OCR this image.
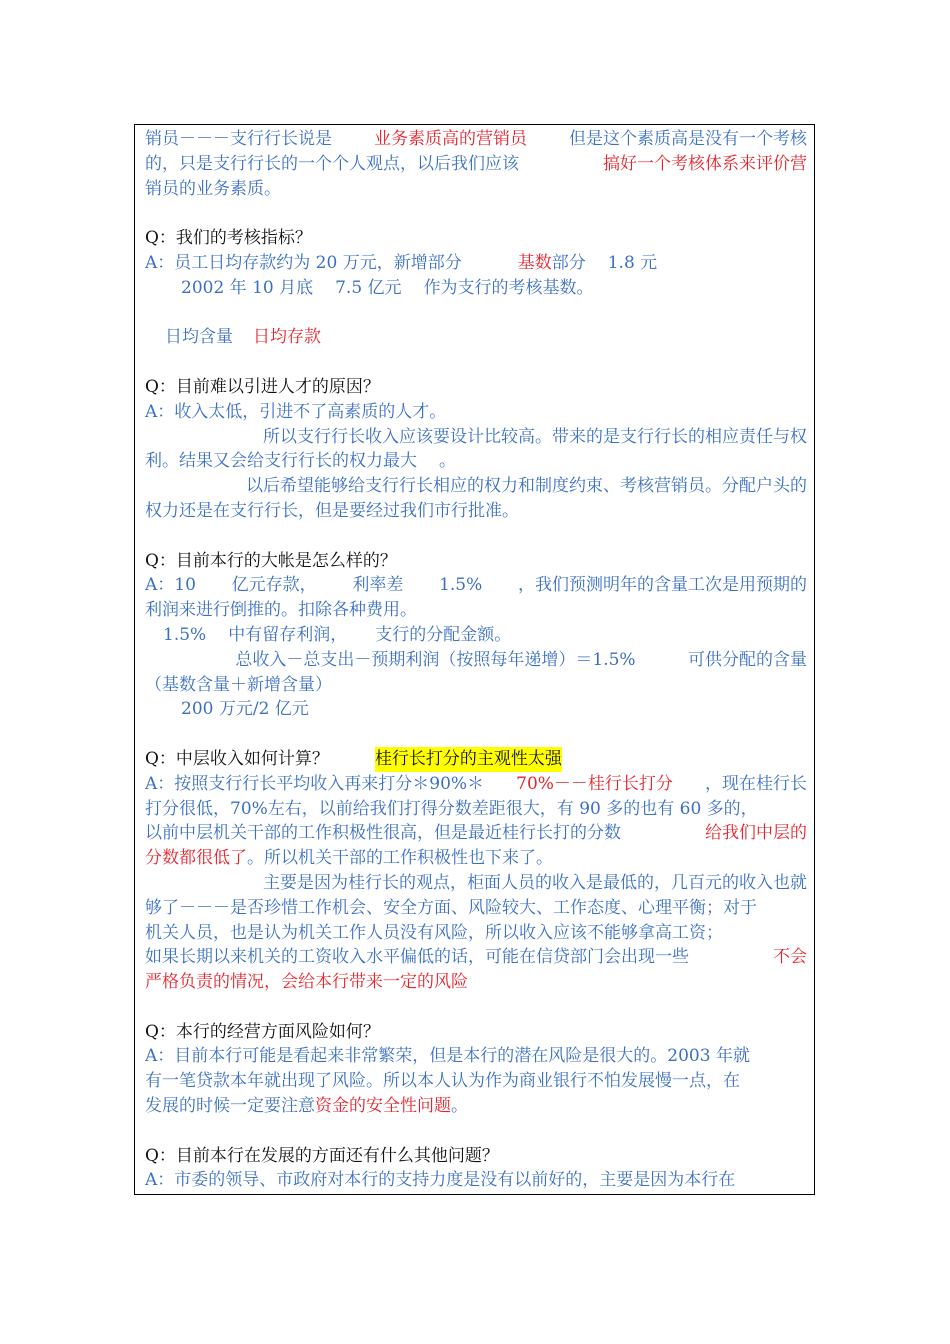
销员－－－支行行长说是 业务素质高的营销员 但是这个素质高是没有一个考核
的，只是支行行长的一个个人观点，以后我们应该	搞好一个考核体系来评价营
销员的业务素质。
Q：我们的考核指标？
A：员工日均存款约为 20 万元，新增部分	基数 部分 1.8 元
2002 年 10 月底 7.5 亿元 作为支行的考核基数。
日均含量 日均存款
Q：目前难以引进人才的原因？
A：收入太低，引进不了高素质的人才。
所以支行行长收入应该要设计比较高。带来的是支行行长的相应责任与权
利。结果又会给支行行长的权力最大 。
以后希望能够给支行行长相应的权力和制度约束、考核营销员。分配户头的
权力还是在支行行长，但是要经过我们市行批准。
Q：目前本行的大帐是怎么样的？
A：10 亿元存款， 利率差 1.5% ，我们预测明年的含量工次是用预期的
利润来进行倒推的。扣除各种费用。
1.5% 中有留存利润， 支行的分配金额。
总收入－总支出－预期利润（按照每年递增）＝1.5%	可供分配的含量
（基数含量＋新增含量）
200 万元/2 亿元
Q：中层收入如何计算？	桂行长打分的主观性太强
A：按照支行行长平均收入再来打分＊90%＊ 70%－－桂行长打分 ，现在桂行长
打分很低，70%左右，以前给我们打得分数差距很大，有 90 多的也有 60 多的，
以前中层机关干部的工作积极性很高，但是最近桂行长打的分数	给我们中层的
分数都很低了 。所以机关干部的工作积极性也下来了。
主要是因为桂行长的观点，柜面人员的收入是最低的，几百元的收入也就
够了－－－是否珍惜工作机会、安全方面、风险较大、工作态度、心理平衡；对于
机关人员，也是认为机关工作人员没有风险，所以收入应该不能够拿高工资；
如果长期以来机关的工资收入水平偏低的话，可能在信贷部门会出现一些	不会
严格负责的情况，会给本行带来一定的风险
Q：本行的经营方面风险如何？
A：目前本行可能是看起来非常繁荣，但是本行的潜在风险是很大的。2003 年就
有一笔贷款本年就出现了风险。所以本人认为作为商业银行不怕发展慢一点，在
发展的时候一定要注意 资金的安全性问题 。
Q：目前本行在发展的方面还有什么其他问题？
A：市委的领导、市政府对本行的支持力度是没有以前好的，主要是因为本行在
